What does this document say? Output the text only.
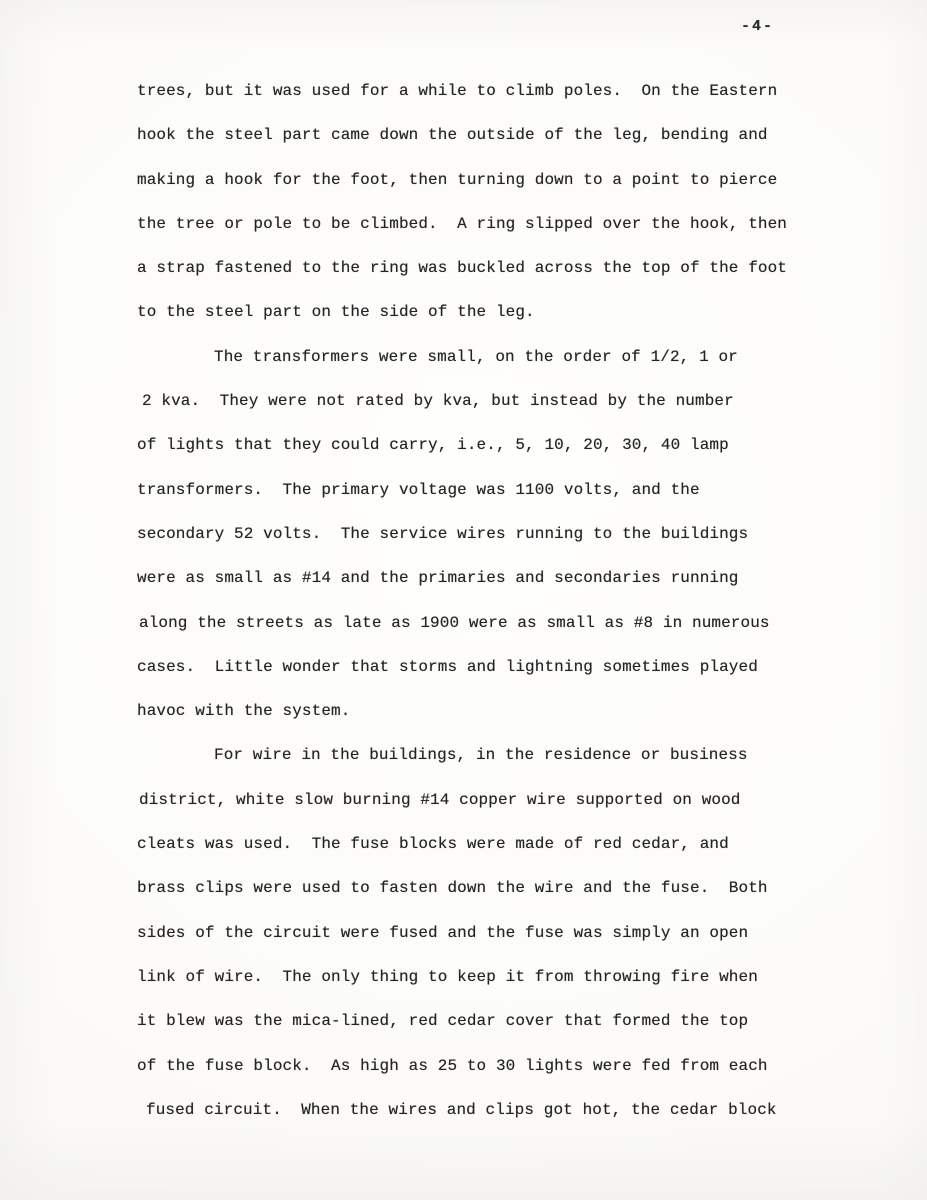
-4-

trees, but it was used for a while to climb poles.  On the Eastern

hook the steel part came down the outside of the leg, bending and

making a hook for the foot, then turning down to a point to pierce

the tree or pole to be climbed.  A ring slipped over the hook, then

a strap fastened to the ring was buckled across the top of the foot

to the steel part on the side of the leg.

The transformers were small, on the order of 1/2, 1 or

2 kva.  They were not rated by kva, but instead by the number

of lights that they could carry, i.e., 5, 10, 20, 30, 40 lamp

transformers.  The primary voltage was 1100 volts, and the

secondary 52 volts.  The service wires running to the buildings

were as small as #14 and the primaries and secondaries running

along the streets as late as 1900 were as small as #8 in numerous

cases.  Little wonder that storms and lightning sometimes played

havoc with the system.

For wire in the buildings, in the residence or business

district, white slow burning #14 copper wire supported on wood

cleats was used.  The fuse blocks were made of red cedar, and

brass clips were used to fasten down the wire and the fuse.  Both

sides of the circuit were fused and the fuse was simply an open

link of wire.  The only thing to keep it from throwing fire when

it blew was the mica-lined, red cedar cover that formed the top

of the fuse block.  As high as 25 to 30 lights were fed from each

fused circuit.  When the wires and clips got hot, the cedar block
